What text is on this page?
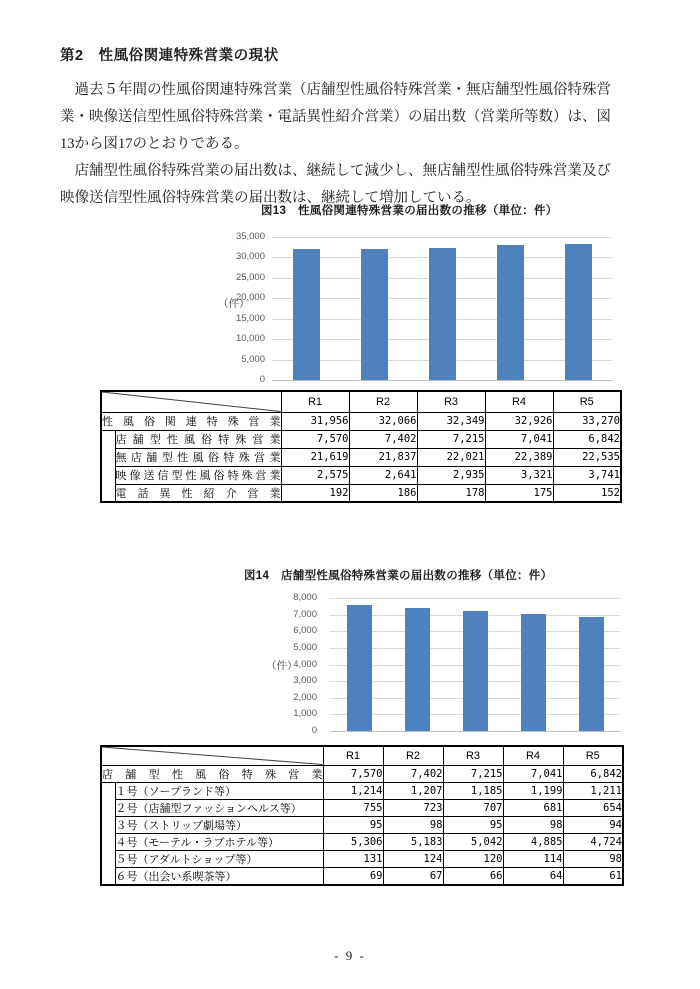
第2　性風俗関連特殊営業の現状
過去５年間の性風俗関連特殊営業（店舗型性風俗特殊営業・無店舗型性風俗特殊営
業・映像送信型性風俗特殊営業・電話異性紹介営業）の届出数（営業所等数）は、図
13から図17のとおりである。
店舗型性風俗特殊営業の届出数は、継続して減少し、無店舗型性風俗特殊営業及び
映像送信型性風俗特殊営業の届出数は、継続して増加している。
図13　性風俗関連特殊営業の届出数の推移（単位：件）
35,000
30,000
25,000
20,000
15,000
10,000
5,000
0
（件）
	R1	R2	R3	R4	R5
性風俗関連特殊営業		31,956	32,066	32,349	32,926	33,270
	店舗型性風俗特殊営業	7,570	7,402	7,215	7,041	6,842
	無店舗型性風俗特殊営業	21,619	21,837	22,021	22,389	22,535
	映像送信型性風俗特殊営業	2,575	2,641	2,935	3,321	3,741
	電話異性紹介営業	192	186	178	175	152
図14　店舗型性風俗特殊営業の届出数の推移（単位：件）
8,000
7,000
6,000
5,000
4,000
3,000
2,000
1,000
0
（件）
	R1	R2	R3	R4	R5
店舗型性風俗特殊営業		7,570	7,402	7,215	7,041	6,842
	１号（ソープランド等）	1,214	1,207	1,185	1,199	1,211
	２号（店舗型ファッションヘルス等）	755	723	707	681	654
	３号（ストリップ劇場等）	95	98	95	98	94
	４号（モーテル・ラブホテル等）	5,306	5,183	5,042	4,885	4,724
	５号（アダルトショップ等）	131	124	120	114	98
	６号（出会い系喫茶等）	69	67	66	64	61
- 9 -
